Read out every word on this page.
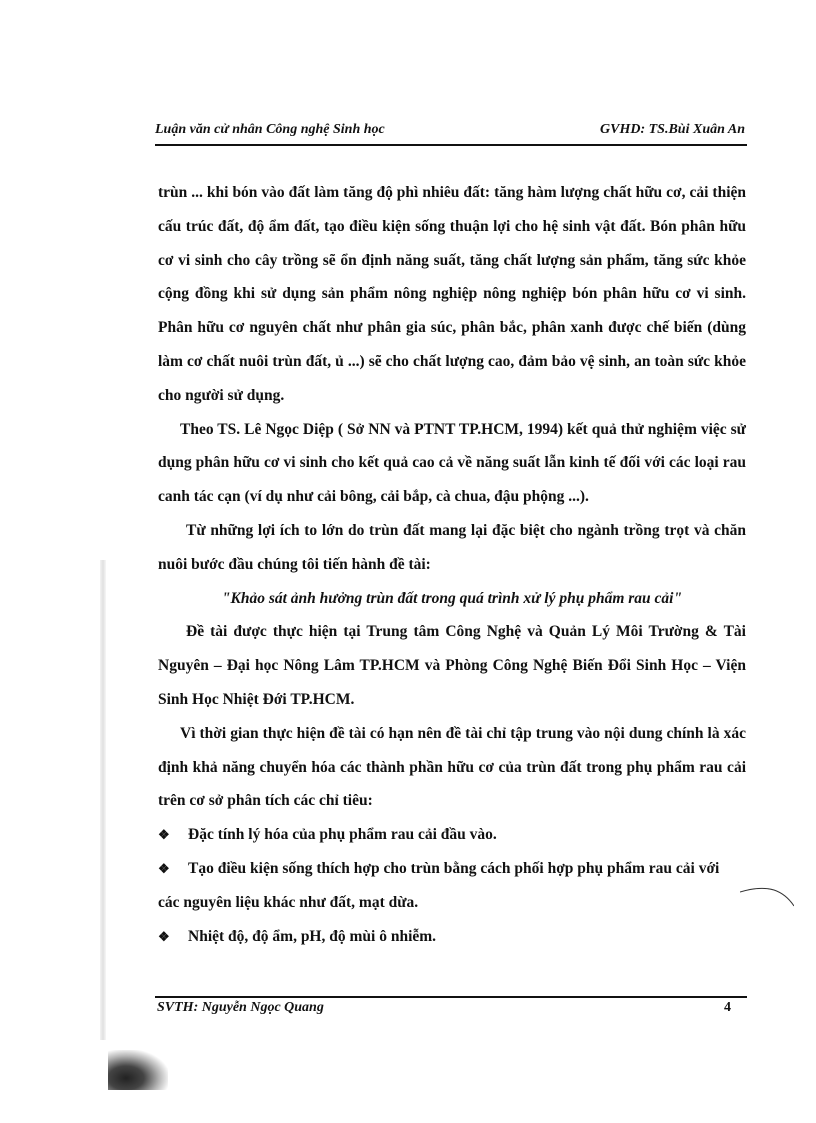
Luận văn cử nhân Công nghệ Sinh học	GVHD: TS.Bùi Xuân An

trùn ... khi bón vào đất làm tăng độ phì nhiêu đất: tăng hàm lượng chất hữu cơ, cải thiện cấu trúc đất, độ ẩm đất, tạo điều kiện sống thuận lợi cho hệ sinh vật đất. Bón phân hữu cơ vi sinh cho cây trồng sẽ ổn định năng suất, tăng chất lượng sản phẩm, tăng sức khỏe cộng đồng khi sử dụng sản phẩm nông nghiệp nông nghiệp bón phân hữu cơ vi sinh. Phân hữu cơ nguyên chất như phân gia súc, phân bắc, phân xanh được chế biến (dùng làm cơ chất nuôi trùn đất, ủ ...) sẽ cho chất lượng cao, đảm bảo vệ sinh, an toàn sức khỏe cho người sử dụng.

Theo TS. Lê Ngọc Diệp ( Sở NN và PTNT TP.HCM, 1994) kết quả thử nghiệm việc sử dụng phân hữu cơ vi sinh cho kết quả cao cả về năng suất lẫn kinh tế đối với các loại rau canh tác cạn (ví dụ như cải bông, cải bắp, cà chua, đậu phộng ...).

Từ những lợi ích to lớn do trùn đất mang lại đặc biệt cho ngành trồng trọt và chăn nuôi bước đầu chúng tôi tiến hành đề tài:

"Khảo sát ảnh hưởng trùn đất trong quá trình xử lý phụ phẩm rau cải"

Đề tài được thực hiện tại Trung tâm Công Nghệ và Quản Lý Môi Trường & Tài Nguyên – Đại học Nông Lâm TP.HCM và Phòng Công Nghệ Biến Đổi Sinh Học – Viện Sinh Học Nhiệt Đới TP.HCM.

Vì thời gian thực hiện đề tài có hạn nên đề tài chỉ tập trung vào nội dung chính là xác định khả năng chuyển hóa các thành phần hữu cơ của trùn đất trong phụ phẩm rau cải trên cơ sở phân tích các chỉ tiêu:

❖	Đặc tính lý hóa của phụ phẩm rau cải đầu vào.
❖	Tạo điều kiện sống thích hợp cho trùn bằng cách phối hợp phụ phẩm rau cải với

các nguyên liệu khác như đất, mạt dừa.

❖	Nhiệt độ, độ ẩm, pH, độ mùi ô nhiễm.
SVTH: Nguyễn Ngọc Quang	4
